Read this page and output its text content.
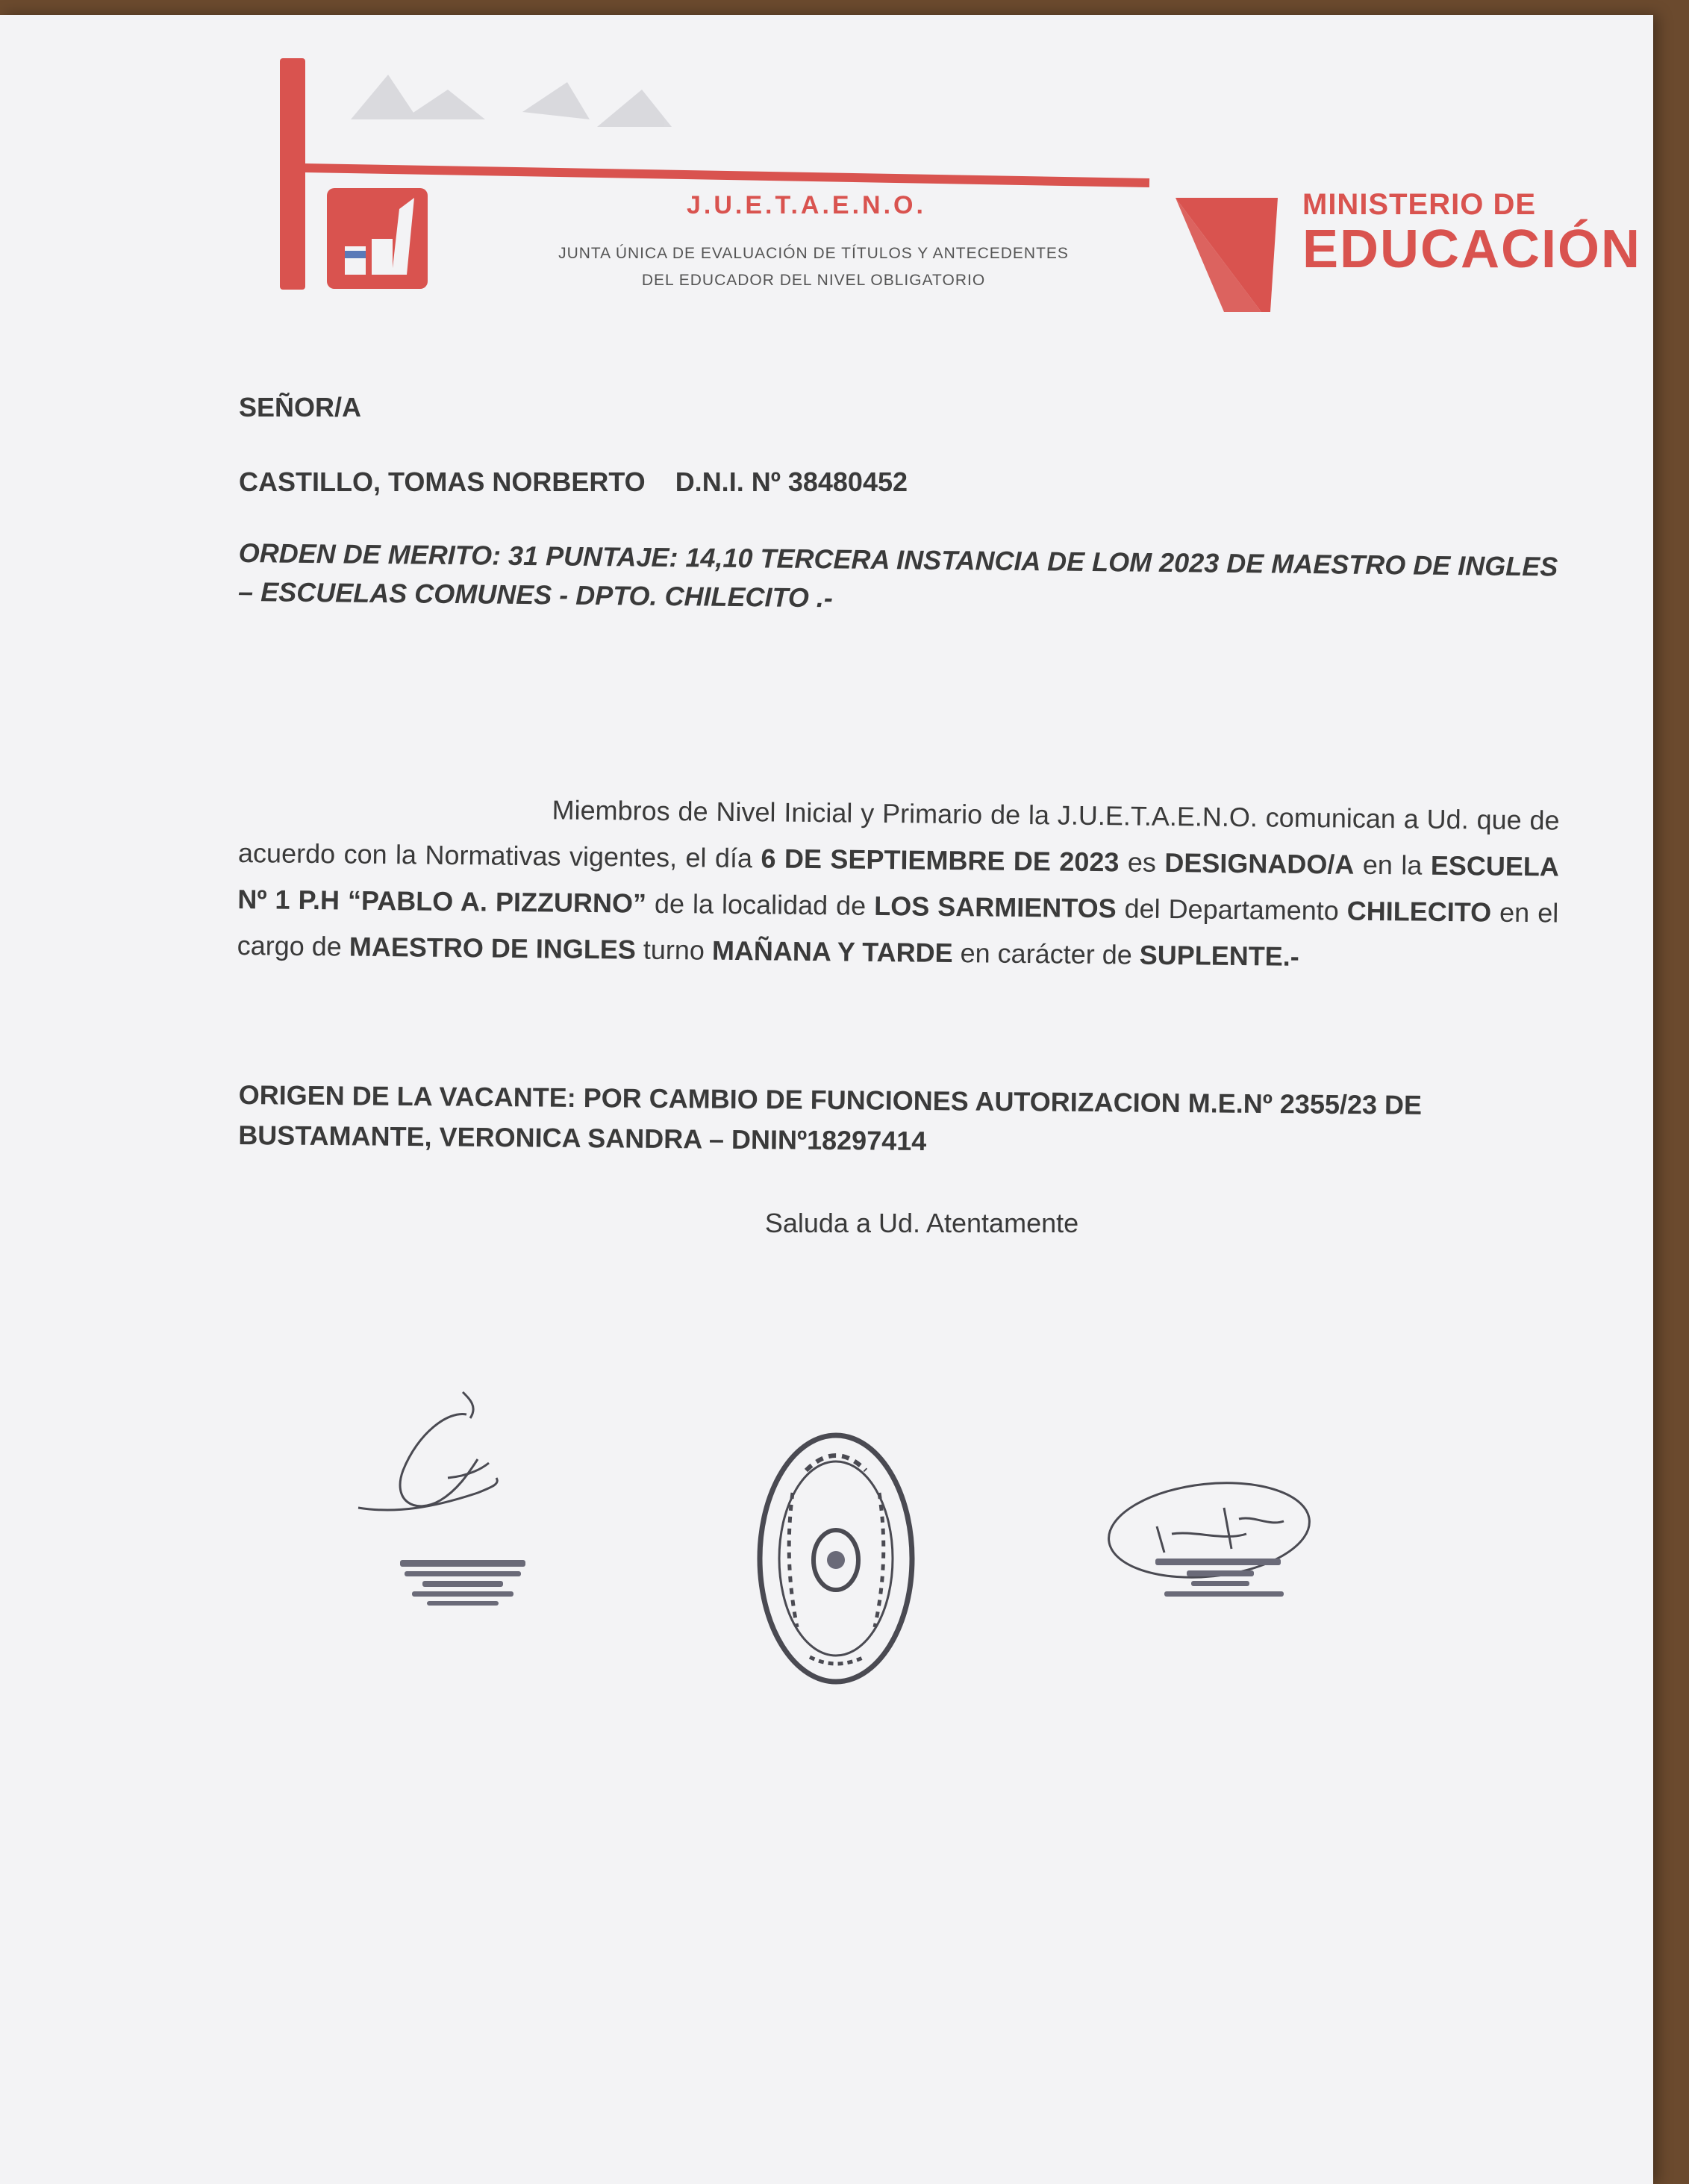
J.U.E.T.A.E.N.O.

JUNTA ÚNICA DE EVALUACIÓN DE TÍTULOS Y ANTECEDENTES

DEL EDUCADOR DEL NIVEL OBLIGATORIO

MINISTERIO DE
EDUCACIÓN

SEÑOR/A

CASTILLO, TOMAS NORBERTO D.N.I. Nº 38480452

ORDEN DE MERITO: 31 PUNTAJE: 14,10 TERCERA INSTANCIA DE LOM 2023 DE MAESTRO DE INGLES – ESCUELAS COMUNES - DPTO. CHILECITO .-

Miembros de Nivel Inicial y Primario de la J.U.E.T.A.E.N.O. comunican a Ud. que de acuerdo con la Normativas vigentes, el día 6 DE SEPTIEMBRE DE 2023 es DESIGNADO/A en la ESCUELA Nº 1 P.H “PABLO A. PIZZURNO” de la localidad de LOS SARMIENTOS del Departamento CHILECITO en el cargo de MAESTRO DE INGLES turno MAÑANA Y TARDE en carácter de SUPLENTE.-

ORIGEN DE LA VACANTE: POR CAMBIO DE FUNCIONES AUTORIZACION M.E.Nº 2355/23 DE BUSTAMANTE, VERONICA SANDRA – DNINº18297414

Saluda a Ud. Atentamente
